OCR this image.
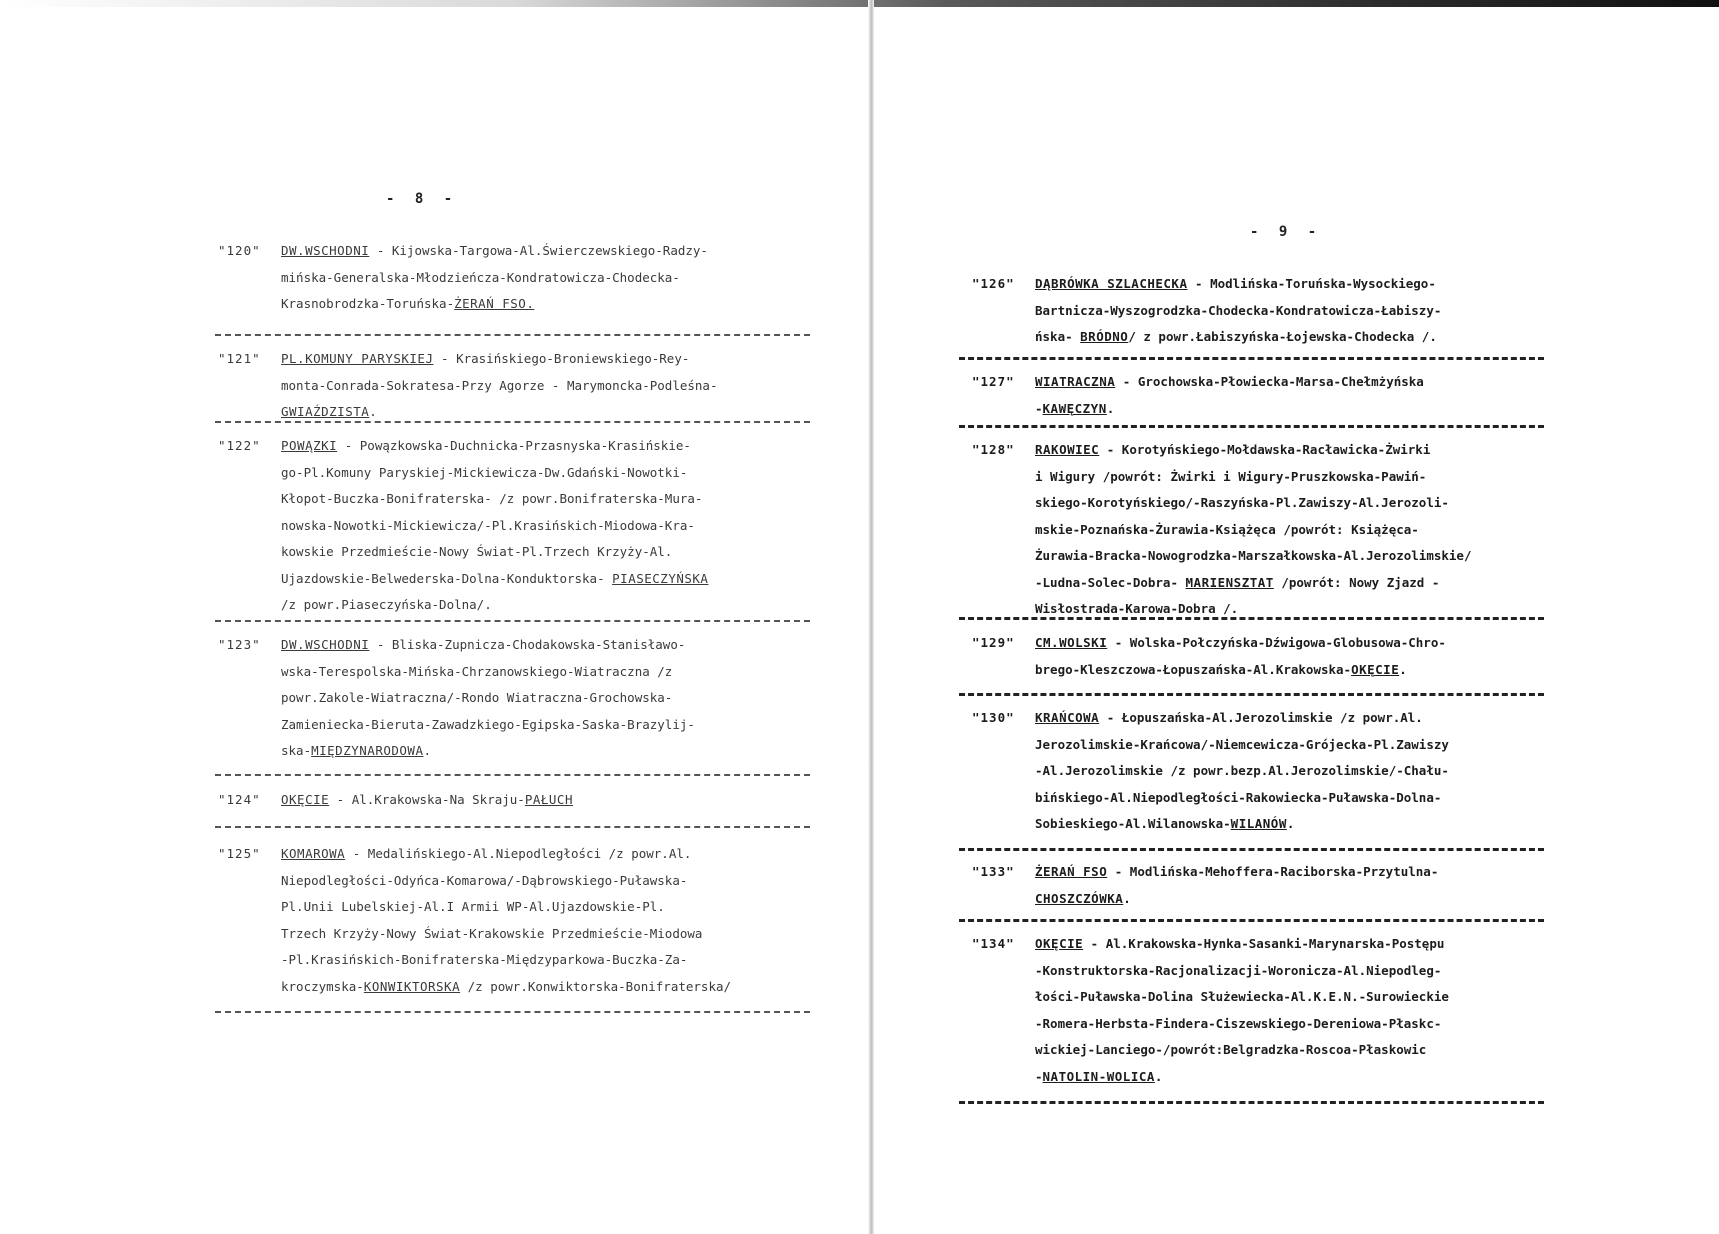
- 8 -
"120" DW.WSCHODNI - Kijowska-Targowa-Al.Świerczewskiego-Radzy-
mińska-Generalska-Młodzieńcza-Kondratowicza-Chodecka-
Krasnobrodzka-Toruńska-ŻERAŃ FSO.
"121" PL.KOMUNY PARYSKIEJ - Krasińskiego-Broniewskiego-Rey-
monta-Conrada-Sokratesa-Przy Agorze - Marymoncka-Podleśna-
GWIAŹDZISTA.
"122" POWĄZKI - Powązkowska-Duchnicka-Przasnyska-Krasińskie-
go-Pl.Komuny Paryskiej-Mickiewicza-Dw.Gdański-Nowotki-
Kłopot-Buczka-Bonifraterska- /z powr.Bonifraterska-Mura-
nowska-Nowotki-Mickiewicza/-Pl.Krasińskich-Miodowa-Kra-
kowskie Przedmieście-Nowy Świat-Pl.Trzech Krzyży-Al.
Ujazdowskie-Belwederska-Dolna-Konduktorska- PIASECZYŃSKA
/z powr.Piaseczyńska-Dolna/.
"123" DW.WSCHODNI - Bliska-Zupnicza-Chodakowska-Stanisławo-
wska-Terespolska-Mińska-Chrzanowskiego-Wiatraczna /z
powr.Zakole-Wiatraczna/-Rondo Wiatraczna-Grochowska-
Zamieniecka-Bieruta-Zawadzkiego-Egipska-Saska-Brazylij-
ska-MIĘDZYNARODOWA.
"124" OKĘCIE - Al.Krakowska-Na Skraju-PAŁUCH
"125" KOMAROWA - Medalińskiego-Al.Niepodległości /z powr.Al.
Niepodległości-Odyńca-Komarowa/-Dąbrowskiego-Puławska-
Pl.Unii Lubelskiej-Al.I Armii WP-Al.Ujazdowskie-Pl.
Trzech Krzyży-Nowy Świat-Krakowskie Przedmieście-Miodowa
-Pl.Krasińskich-Bonifraterska-Międzyparkowa-Buczka-Za-
kroczymska-KONWIKTORSKA /z powr.Konwiktorska-Bonifraterska/
- 9 -
"126" DĄBRÓWKA SZLACHECKA - Modlińska-Toruńska-Wysockiego-
Bartnicza-Wyszogrodzka-Chodecka-Kondratowicza-Łabiszy-
ńska- BRÓDNO/ z powr.Łabiszyńska-Łojewska-Chodecka /.
"127" WIATRACZNA - Grochowska-Płowiecka-Marsa-Chełmżyńska
-KAWĘCZYN.
"128" RAKOWIEC - Korotyńskiego-Mołdawska-Racławicka-Żwirki
i Wigury /powrót: Żwirki i Wigury-Pruszkowska-Pawiń-
skiego-Korotyńskiego/-Raszyńska-Pl.Zawiszy-Al.Jerozoli-
mskie-Poznańska-Żurawia-Książęca /powrót: Książęca-
Żurawia-Bracka-Nowogrodzka-Marszałkowska-Al.Jerozolimskie/
-Ludna-Solec-Dobra- MARIENSZTAT /powrót: Nowy Zjazd -
Wisłostrada-Karowa-Dobra /.
"129" CM.WOLSKI - Wolska-Połczyńska-Dźwigowa-Globusowa-Chro-
brego-Kleszczowa-Łopuszańska-Al.Krakowska-OKĘCIE.
"130" KRAŃCOWA - Łopuszańska-Al.Jerozolimskie /z powr.Al.
Jerozolimskie-Krańcowa/-Niemcewicza-Grójecka-Pl.Zawiszy
-Al.Jerozolimskie /z powr.bezp.Al.Jerozolimskie/-Chału-
bińskiego-Al.Niepodległości-Rakowiecka-Puławska-Dolna-
Sobieskiego-Al.Wilanowska-WILANÓW.
"133" ŻERAŃ FSO - Modlińska-Mehoffera-Raciborska-Przytulna-
CHOSZCZÓWKA.
"134" OKĘCIE - Al.Krakowska-Hynka-Sasanki-Marynarska-Postępu
-Konstruktorska-Racjonalizacji-Woronicza-Al.Niepodleg-
łości-Puławska-Dolina Służewiecka-Al.K.E.N.-Surowieckie
-Romera-Herbsta-Findera-Ciszewskiego-Dereniowa-Płaskc-
wickiej-Lanciego-/powrót:Belgradzka-Roscoa-Płaskowic
-NATOLIN-WOLICA.
